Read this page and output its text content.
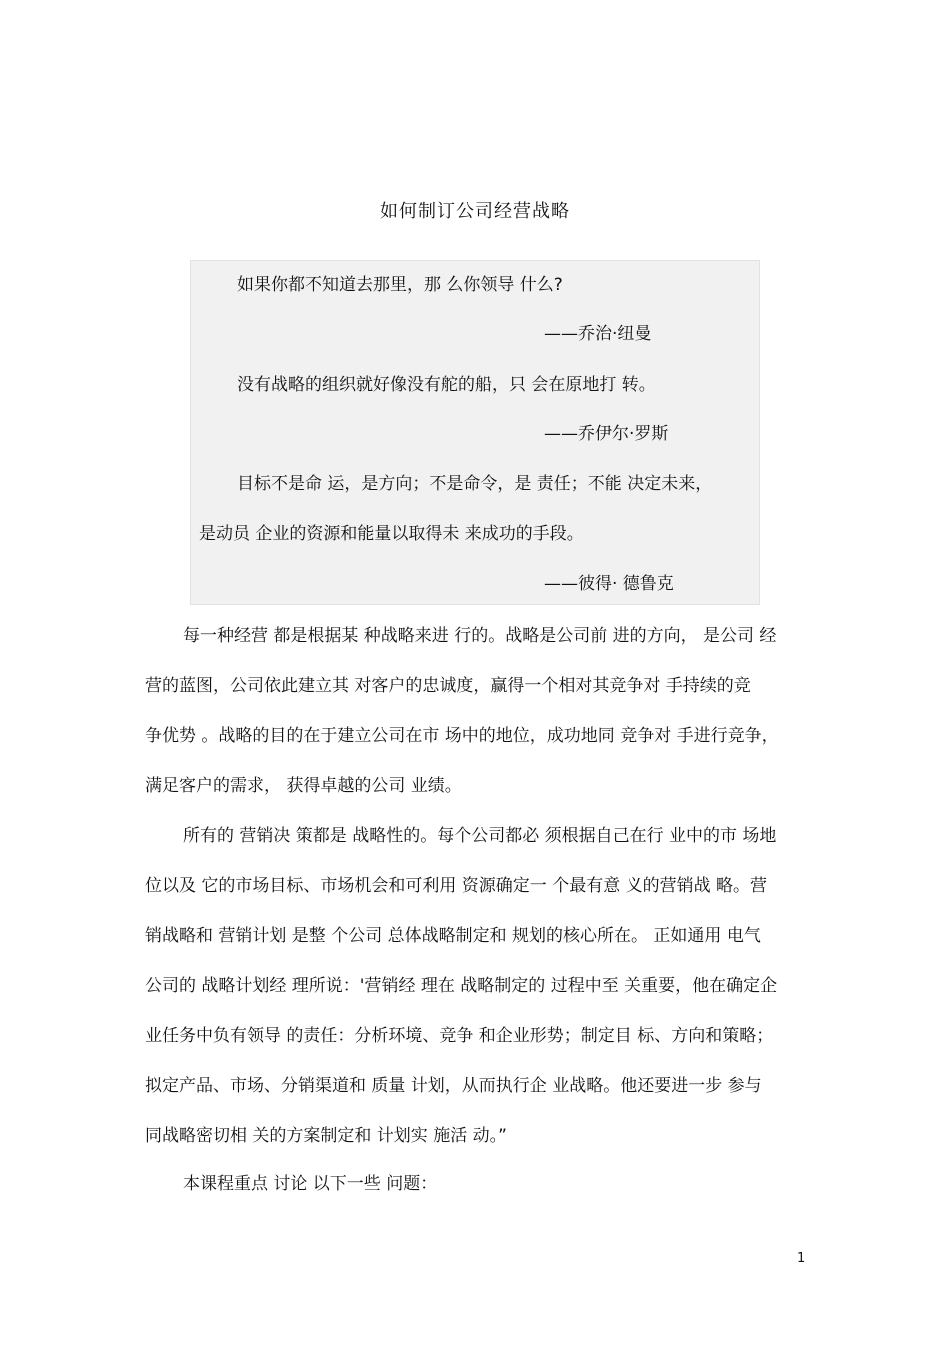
如何制订公司经营战略
如果你都不知道去那里，那 么你领导 什么?
——乔治·纽曼
没有战略的组织就好像没有舵的船，只 会在原地打 转。
——乔伊尔·罗斯
目标不是命 运，是方向；不是命令，是 责任；不能 决定未来，
是动员 企业的资源和能量以取得未 来成功的手段。
——彼得· 德鲁克
每一种经营 都是根据某 种战略来进 行的。战略是公司前 进的方向， 是公司 经
营的蓝图，公司依此建立其 对客户的忠诚度，赢得一个相对其竞争对 手持续的竞
争优势 。战略的目的在于建立公司在市 场中的地位，成功地同 竞争对 手进行竞争，
满足客户的需求， 获得卓越的公司 业绩。
所有的 营销决 策都是 战略性的。每个公司都必 须根据自己在行 业中的市 场地
位以及 它的市场目标、市场机会和可利用 资源确定一 个最有意 义的营销战 略。营
销战略和 营销计划 是整 个公司 总体战略制定和 规划的核心所在。 正如通用 电气
公司的 战略计划经 理所说：'营销经 理在 战略制定的 过程中至 关重要，他在确定企
业任务中负有领导 的责任：分析环境、竞争 和企业形势；制定目 标、方向和策略；
拟定产品、市场、分销渠道和 质量 计划，从而执行企 业战略。他还要进一步 参与
同战略密切相 关的方案制定和 计划实 施活 动。”
本课程重点 讨论 以下一些 问题：
1
